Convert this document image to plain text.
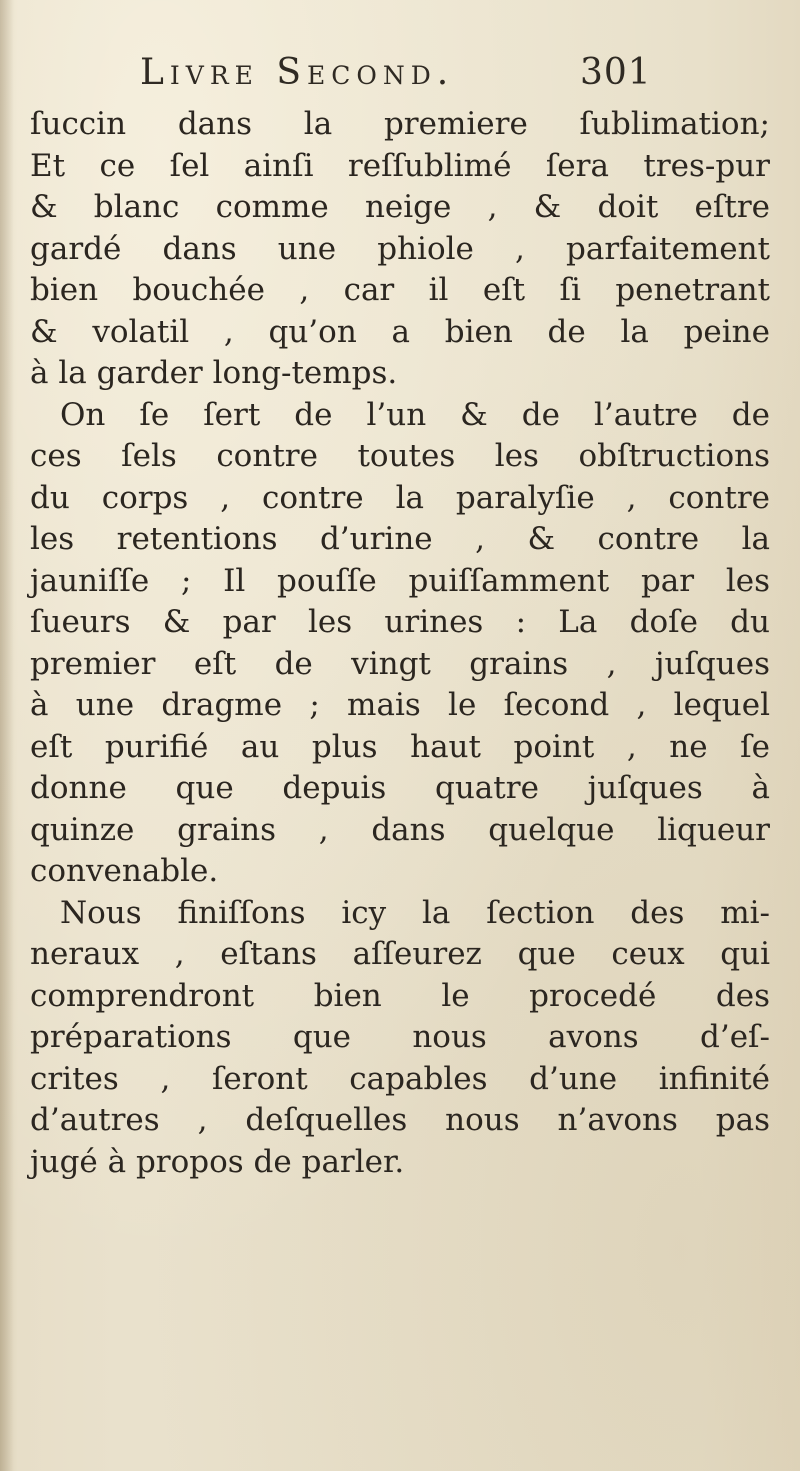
Livre Second.	301
ſuccin dans la premiere ſublimation;
Et ce ſel ainſi reſſublimé ſera tres-pur
& blanc comme neige , & doit eſtre
gardé dans une phiole , parfaitement
bien bouchée , car il eſt ſi penetrant
& volatil , qu’on a bien de la peine
à la garder long-temps.
On ſe ſert de l’un & de l’autre de
ces ſels contre toutes les obſtructions
du corps , contre la paralyſie , contre
les retentions d’urine , & contre la
jauniſſe ; Il pouſſe puiſſamment par les
ſueurs & par les urines : La doſe du
premier eſt de vingt grains , juſques
à une dragme ; mais le ſecond , lequel
eſt purifié au plus haut point , ne ſe
donne que depuis quatre juſques à
quinze grains , dans quelque liqueur
convenable.
Nous finiſſons icy la ſection des mi-
neraux , eſtans aſſeurez que ceux qui
comprendront bien le procedé des
préparations que nous avons d’eſ-
crites , ſeront capables d’une infinité
d’autres , deſquelles nous n’avons pas
jugé à propos de parler.
